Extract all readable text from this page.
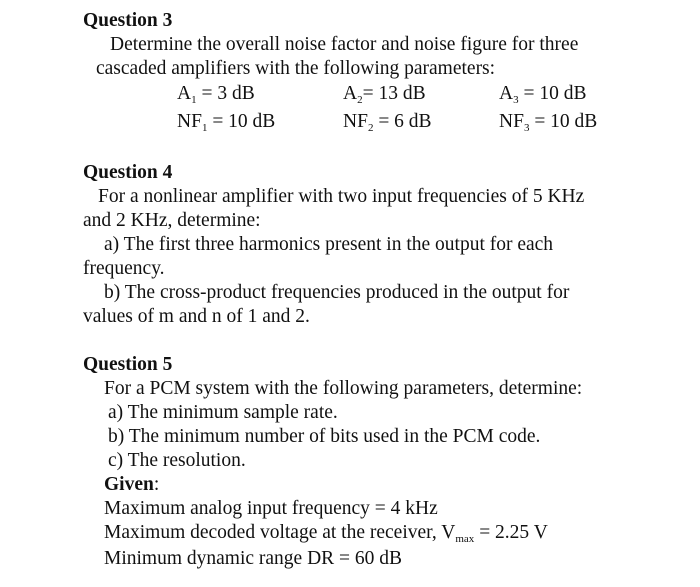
Question 3
Determine the overall noise factor and noise figure for three
cascaded amplifiers with the following parameters:
$A_1 = 3$ dB	$A_2= 13$ dB	$A_3 = 10$ dB
$NF_1 = 10$ dB	$NF_2 = 6$ dB	$NF_3 = 10$ dB
Question 4
For a nonlinear amplifier with two input frequencies of 5 KHz
and 2 KHz, determine:
a) The first three harmonics present in the output for each
frequency.
b) The cross-product frequencies produced in the output for
values of m and n of 1 and 2.
Question 5
For a PCM system with the following parameters, determine:
a) The minimum sample rate.
b) The minimum number of bits used in the PCM code.
c) The resolution.
Given:
Maximum analog input frequency = 4 kHz
Maximum decoded voltage at the receiver, $V_{max} = 2.25$ V
Minimum dynamic range DR = 60 dB
